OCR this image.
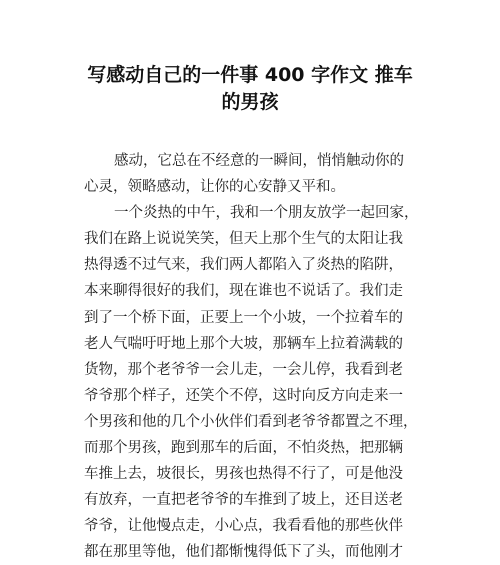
写感动自己的一件事 400 字作文 推车
的男孩

感动，它总在不经意的一瞬间，悄悄触动你的
心灵，领略感动，让你的心安静又平和。

一个炎热的中午，我和一个朋友放学一起回家，
我们在路上说说笑笑，但天上那个生气的太阳让我
热得透不过气来，我们两人都陷入了炎热的陷阱，
本来聊得很好的我们，现在谁也不说话了。我们走
到了一个桥下面，正要上一个小坡，一个拉着车的
老人气喘吁吁地上那个大坡，那辆车上拉着满载的
货物，那个老爷爷一会儿走，一会儿停，我看到老
爷爷那个样子，还笑个不停，这时向反方向走来一
个男孩和他的几个小伙伴们看到老爷爷都置之不理，
而那个男孩，跑到那车的后面，不怕炎热，把那辆
车推上去，坡很长，男孩也热得不行了，可是他没
有放弃，一直把老爷爷的车推到了坡上，还目送老
爷爷，让他慢点走，小心点，我看看他的那些伙伴
都在那里等他，他们都惭愧得低下了头，而他刚才
